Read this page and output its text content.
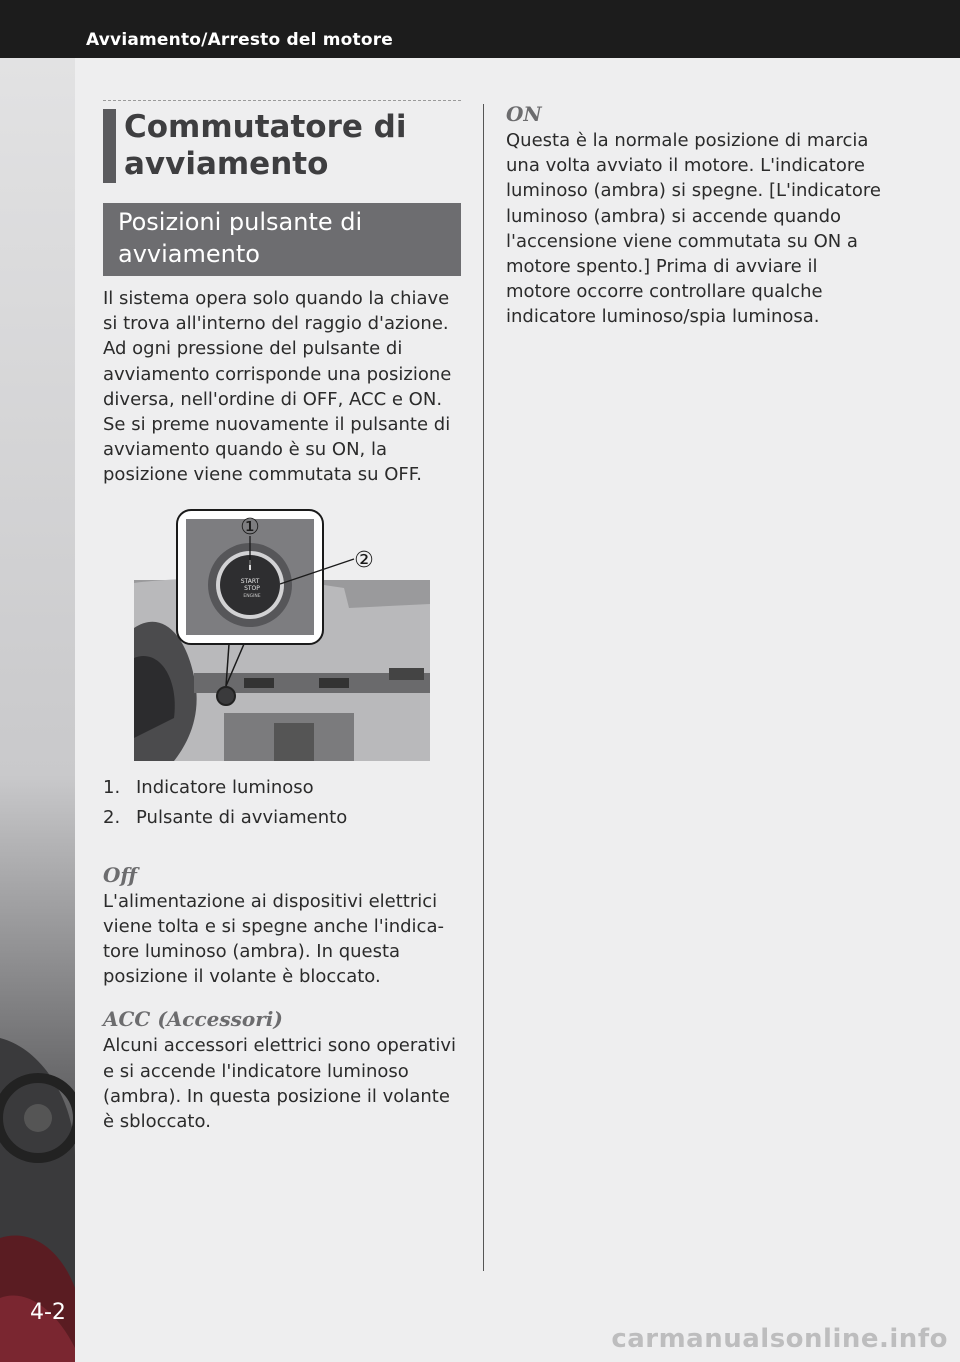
Avviamento/Arresto del motore
4-2
Commutatore di avviamento
Posizioni pulsante di avviamento

Il sistema opera solo quando la chiave si trova all'interno del raggio d'azione. Ad ogni pressione del pulsante di avviamento corrisponde una posizione diversa, nell'ordine di OFF, ACC e ON. Se si preme nuovamente il pulsante di avviamento quando è su ON, la posizione viene commutata su OFF.

START
STOP
ENGINE
①
②
1. Indicatore luminoso
2. Pulsante di avviamento

Off

L'alimentazione ai dispositivi elettrici viene tolta e si spegne anche l'indica- tore luminoso (ambra). In questa posizione il volante è bloccato.

ACC (Accessori)

Alcuni accessori elettrici sono operativi e si accende l'indicatore luminoso (ambra). In questa posizione il volante è sbloccato.

ON

Questa è la normale posizione di marcia una volta avviato il motore. L'indicatore luminoso (ambra) si spegne. [L'indicatore luminoso (ambra) si accende quando l'accensione viene commutata su ON a motore spento.] Prima di avviare il motore occorre controllare qualche indicatore luminoso/spia luminosa.

carmanualsonline.info
